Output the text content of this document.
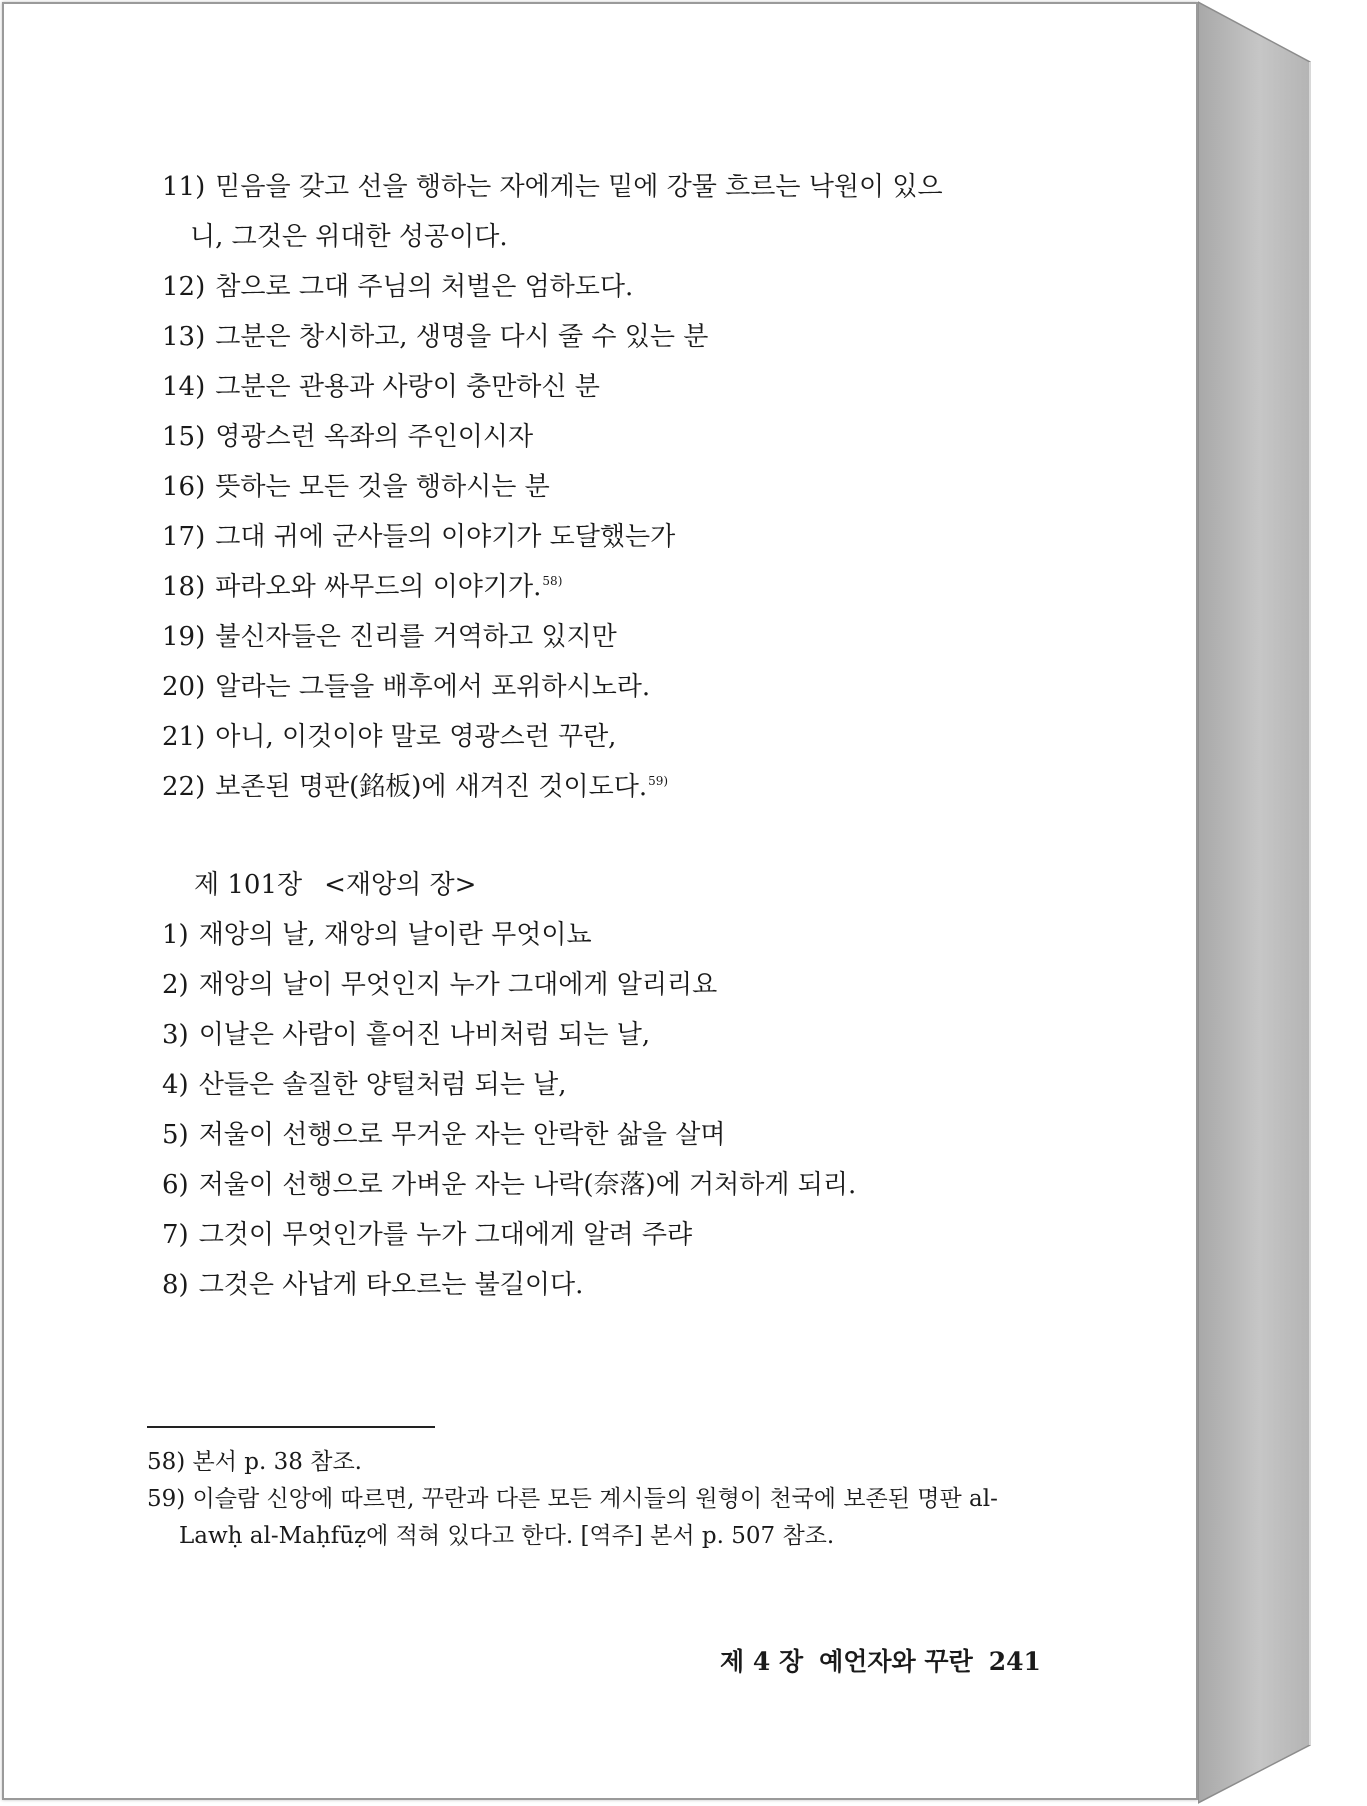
11) 믿음을 갖고 선을 행하는 자에게는 밑에 강물 흐르는 낙원이 있으
니, 그것은 위대한 성공이다.
12) 참으로 그대 주님의 처벌은 엄하도다.
13) 그분은 창시하고, 생명을 다시 줄 수 있는 분
14) 그분은 관용과 사랑이 충만하신 분
15) 영광스런 옥좌의 주인이시자
16) 뜻하는 모든 것을 행하시는 분
17) 그대 귀에 군사들의 이야기가 도달했는가
18) 파라오와 싸무드의 이야기가.$^{58)}$
19) 불신자들은 진리를 거역하고 있지만
20) 알라는 그들을 배후에서 포위하시노라.
21) 아니, 이것이야 말로 영광스런 꾸란,
22) 보존된 명판(銘板)에 새겨진 것이도다.$^{59)}$
제 101장 <재앙의 장>
1) 재앙의 날, 재앙의 날이란 무엇이뇨
2) 재앙의 날이 무엇인지 누가 그대에게 알리리요
3) 이날은 사람이 흩어진 나비처럼 되는 날,
4) 산들은 솔질한 양털처럼 되는 날,
5) 저울이 선행으로 무거운 자는 안락한 삶을 살며
6) 저울이 선행으로 가벼운 자는 나락(奈落)에 거처하게 되리.
7) 그것이 무엇인가를 누가 그대에게 알려 주랴
8) 그것은 사납게 타오르는 불길이다.

58) 본서 p. 38 참조.

59) 이슬람 신앙에 따르면, 꾸란과 다른 모든 계시들의 원형이 천국에 보존된 명판 al-Lawḥ al-Maḥfūẓ에 적혀 있다고 한다. [역주] 본서 p. 507 참조.

제 4 장 예언자와 꾸란 241
